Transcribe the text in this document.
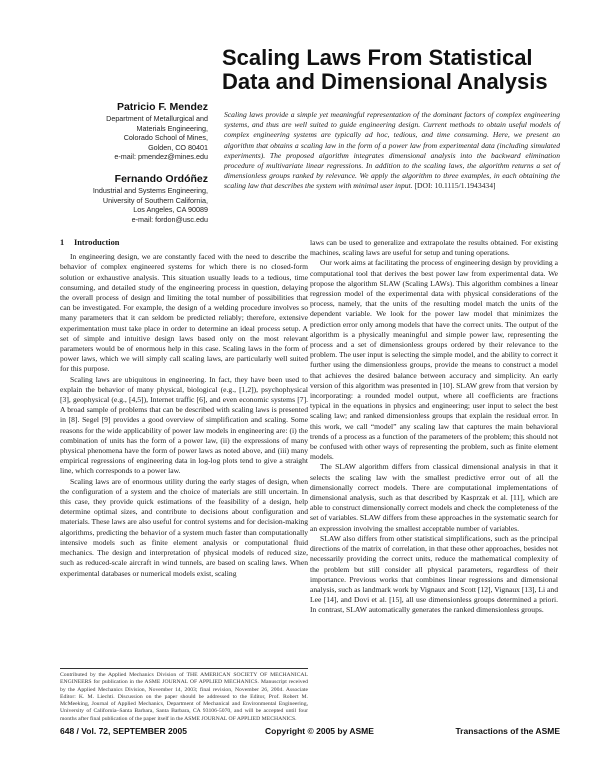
Scaling Laws From Statistical
Data and Dimensional Analysis
Patricio F. Mendez
Department of Metallurgical and
Materials Engineering,
Colorado School of Mines,
Golden, CO 80401
e-mail: pmendez@mines.edu
Fernando Ordóñez
Industrial and Systems Engineering,
University of Southern California,
Los Angeles, CA 90089
e-mail: fordon@usc.edu
Scaling laws provide a simple yet meaningful representation of the dominant factors of complex engineering systems, and thus are well suited to guide engineering design. Current methods to obtain useful models of complex engineering systems are typically ad hoc, tedious, and time consuming. Here, we present an algorithm that obtains a scaling law in the form of a power law from experimental data (including simulated experiments). The proposed algorithm integrates dimensional analysis into the backward elimination procedure of multivariate linear regressions. In addition to the scaling laws, the algorithm returns a set of dimensionless groups ranked by relevance. We apply the algorithm to three examples, in each obtaining the scaling law that describes the system with minimal user input. [DOI: 10.1115/1.1943434]
1 Introduction

In engineering design, we are constantly faced with the need to describe the behavior of complex engineered systems for which there is no closed-form solution or exhaustive analysis. This situation usually leads to a tedious, time consuming, and detailed study of the engineering process in question, delaying the overall process of design and limiting the total number of possibilities that can be investigated. For example, the design of a welding procedure involves so many parameters that it can seldom be predicted reliably; therefore, extensive experimentation must take place in order to determine an ideal process setup. A set of simple and intuitive design laws based only on the most relevant parameters would be of enormous help in this case. Scaling laws in the form of power laws, which we will simply call scaling laws, are particularly well suited for this purpose.

Scaling laws are ubiquitous in engineering. In fact, they have been used to explain the behavior of many physical, biological (e.g., [1,2]), psychophysical [3], geophysical (e.g., [4,5]), Internet traffic [6], and even economic systems [7]. A broad sample of problems that can be described with scaling laws is presented in [8]. Segel [9] provides a good overview of simplification and scaling. Some reasons for the wide applicability of power law models in engineering are: (i) the combination of units has the form of a power law, (ii) the expressions of many physical phenomena have the form of power laws as noted above, and (iii) many empirical regressions of engineering data in log-log plots tend to give a straight line, which corresponds to a power law.

Scaling laws are of enormous utility during the early stages of design, when the configuration of a system and the choice of materials are still uncertain. In this case, they provide quick estimations of the feasibility of a design, help determine optimal sizes, and contribute to decisions about configuration and materials. These laws are also useful for control systems and for decision-making algorithms, predicting the behavior of a system much faster than computationally intensive models such as finite element analysis or computational fluid mechanics. The design and interpretation of physical models of reduced size, such as reduced-scale aircraft in wind tunnels, are based on scaling laws. When experimental databases or numerical models exist, scaling

laws can be used to generalize and extrapolate the results obtained. For existing machines, scaling laws are useful for setup and tuning operations.

Our work aims at facilitating the process of engineering design by providing a computational tool that derives the best power law from experimental data. We propose the algorithm SLAW (Scaling LAWs). This algorithm combines a linear regression model of the experimental data with physical considerations of the process, namely, that the units of the resulting model match the units of the dependent variable. We look for the power law model that minimizes the prediction error only among models that have the correct units. The output of the algorithm is a physically meaningful and simple power law, representing the process and a set of dimensionless groups ordered by their relevance to the problem. The user input is selecting the simple model, and the ability to correct it further using the dimensionless groups, provide the means to construct a model that achieves the desired balance between accuracy and simplicity. An early version of this algorithm was presented in [10]. SLAW grew from that version by incorporating: a rounded model output, where all coefficients are fractions typical in the equations in physics and engineering; user input to select the best scaling law; and ranked dimensionless groups that explain the residual error. In this work, we call “model” any scaling law that captures the main behavioral trends of a process as a function of the parameters of the problem; this should not be confused with other ways of representing the problem, such as finite element models.

The SLAW algorithm differs from classical dimensional analysis in that it selects the scaling law with the smallest predictive error out of all the dimensionally correct models. There are computational implementations of dimensional analysis, such as that described by Kasprzak et al. [11], which are able to construct dimensionally correct models and check the completeness of the set of variables. SLAW differs from these approaches in the systematic search for an expression involving the smallest acceptable number of variables.

SLAW also differs from other statistical simplifications, such as the principal directions of the matrix of correlation, in that these other approaches, besides not necessarily providing the correct units, reduce the mathematical complexity of the problem but still consider all physical parameters, regardless of their importance. Previous works that combines linear regressions and dimensional analysis, such as landmark work by Vignaux and Scott [12], Vignaux [13], Li and Lee [14], and Dovi et al. [15], all use dimensionless groups determined a priori. In contrast, SLAW automatically generates the ranked dimensionless groups.

Contributed by the Applied Mechanics Division of THE AMERICAN SOCIETY OF MECHANICAL ENGINEERS for publication in the ASME JOURNAL OF APPLIED MECHANICS. Manuscript received by the Applied Mechanics Division, November 14, 2003; final revision, November 26, 2004. Associate Editor: K. M. Liechti. Discussion on the paper should be addressed to the Editor, Prof. Robert M. McMeeking, Journal of Applied Mechanics, Department of Mechanical and Environmental Engineering, University of California–Santa Barbara, Santa Barbara, CA 93106-5070, and will be accepted until four months after final publication of the paper itself in the ASME JOURNAL OF APPLIED MECHANICS.
648 / Vol. 72, SEPTEMBER 2005	Copyright © 2005 by ASME	Transactions of the ASME
